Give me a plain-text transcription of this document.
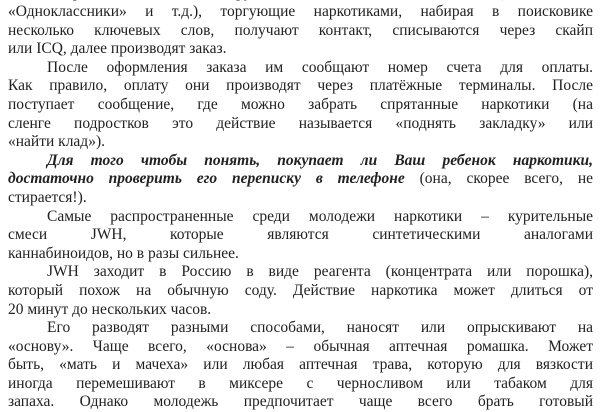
«Одноклассники» и т.д.), торгующие наркотиками, набирая в поисковике
несколько ключевых слов, получают контакт, списываются через скайп
или ICQ, далее производят заказ.
После оформления заказа им сообщают номер счета для оплаты.
Как правило, оплату они производят через платёжные терминалы. После
поступает сообщение, где можно забрать спрятанные наркотики (на
сленге подростков это действие называется «поднять закладку» или
«найти клад»).
Для того чтобы понять, покупает ли Ваш ребенок наркотики,
достаточно проверить его переписку в телефоне (она, скорее всего, не
стирается!).
Самые распространенные среди молодежи наркотики – курительные
смеси JWH, которые являются синтетическими аналогами
каннабиноидов, но в разы сильнее.
JWH заходит в Россию в виде реагента (концентрата или порошка),
который похож на обычную соду. Действие наркотика может длиться от
20 минут до нескольких часов.
Его разводят разными способами, наносят или опрыскивают на
«основу». Чаще всего, «основа» – обычная аптечная ромашка. Может
быть, «мать и мачеха» или любая аптечная трава, которую для вязкости
иногда перемешивают в миксере с черносливом или табаком для
запаха. Однако молодежь предпочитает чаще всего брать готовый
